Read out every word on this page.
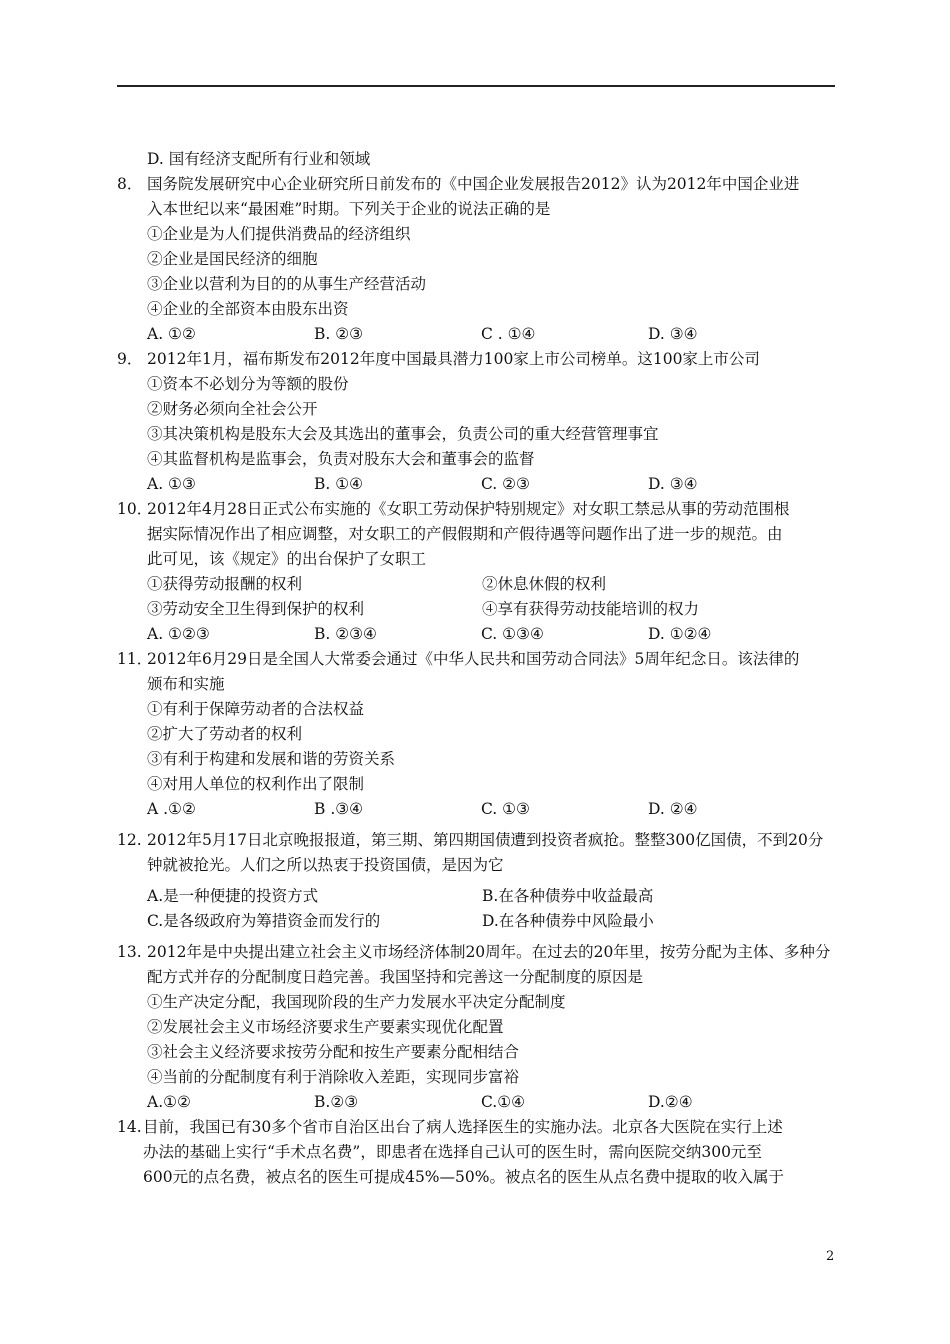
D. 国有经济支配所有行业和领域
8． 国务院发展研究中心企业研究所日前发布的《中国企业发展报告2012》认为2012年中国企业进
入本世纪以来“最困难”时期。下列关于企业的说法正确的是
①企业是为人们提供消费品的经济组织
②企业是国民经济的细胞
③企业以营利为目的的从事生产经营活动
④企业的全部资本由股东出资
A. ①②	B. ②③	C . ①④	D. ③④
9． 2012年1月，福布斯发布2012年度中国最具潜力100家上市公司榜单。这100家上市公司
①资本不必划分为等额的股份
②财务必须向全社会公开
③其决策机构是股东大会及其选出的董事会，负责公司的重大经营管理事宜
④其监督机构是监事会，负责对股东大会和董事会的监督
A. ①③	B. ①④	C. ②③	D. ③④
10．
2012年4月28日正式公布实施的《女职工劳动保护特别规定》对女职工禁忌从事的劳动范围根
据实际情况作出了相应调整，对女职工的产假假期和产假待遇等问题作出了进一步的规范。由
此可见，该《规定》的出台保护了女职工
①获得劳动报酬的权利	②休息休假的权利
③劳动安全卫生得到保护的权利	④享有获得劳动技能培训的权力
A. ①②③	B. ②③④	C. ①③④	D. ①②④
11．
2012年6月29日是全国人大常委会通过《中华人民共和国劳动合同法》5周年纪念日。该法律的
颁布和实施
①有利于保障劳动者的合法权益
②扩大了劳动者的权利
③有利于构建和发展和谐的劳资关系
④对用人单位的权利作出了限制
A .①②	B .③④	C. ①③	D. ②④
12. 2012年5月17日北京晚报报道，第三期、第四期国债遭到投资者疯抢。整整300亿国债，不到20分
钟就被抢光。人们之所以热衷于投资国债，是因为它
A.是一种便捷的投资方式	B.在各种债券中收益最高
C.是各级政府为筹措资金而发行的	D.在各种债券中风险最小
13. 2012年是中央提出建立社会主义市场经济体制20周年。在过去的20年里，按劳分配为主体、多种分
配方式并存的分配制度日趋完善。我国坚持和完善这一分配制度的原因是
①生产决定分配，我国现阶段的生产力发展水平决定分配制度
②发展社会主义市场经济要求生产要素实现优化配置
③社会主义经济要求按劳分配和按生产要素分配相结合
④当前的分配制度有利于消除收入差距，实现同步富裕
A.①②	B.②③	C.①④	D.②④
14. 目前，我国已有30多个省市自治区出台了病人选择医生的实施办法。北京各大医院在实行上述
办法的基础上实行“手术点名费”，即患者在选择自己认可的医生时，需向医院交纳300元至
600元的点名费，被点名的医生可提成45%—50%。被点名的医生从点名费中提取的收入属于
2
